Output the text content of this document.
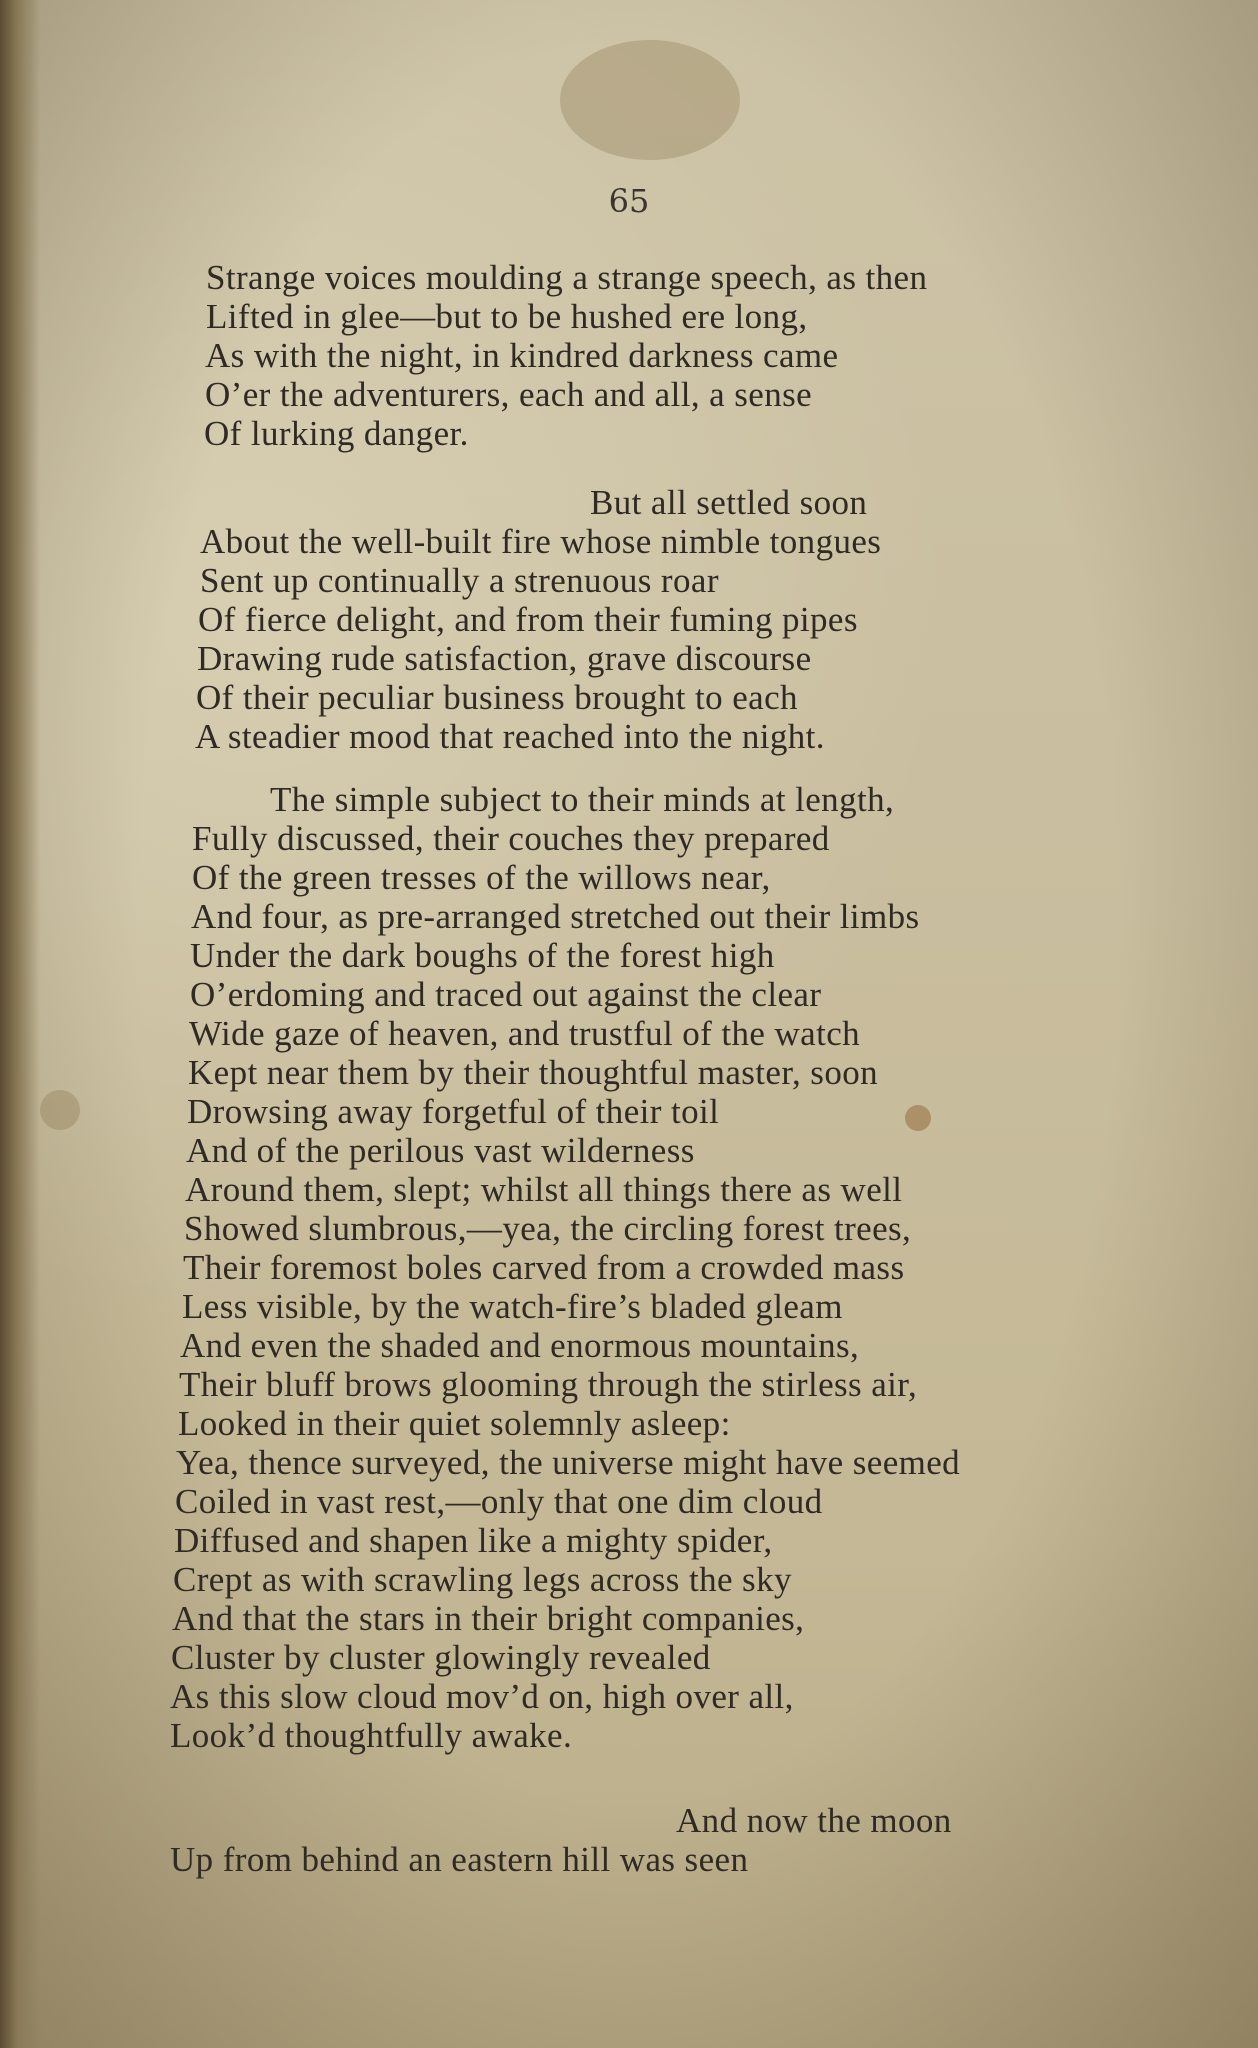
65
Strange voices moulding a strange speech, as then
Lifted in glee—but to be hushed ere long,
As with the night, in kindred darkness came
O’er the adventurers, each and all, a sense
Of lurking danger.
But all settled soon
About the well-built fire whose nimble tongues
Sent up continually a strenuous roar
Of fierce delight, and from their fuming pipes
Drawing rude satisfaction, grave discourse
Of their peculiar business brought to each
A steadier mood that reached into the night.
The simple subject to their minds at length,
Fully discussed, their couches they prepared
Of the green tresses of the willows near,
And four, as pre-arranged stretched out their limbs
Under the dark boughs of the forest high
O’erdoming and traced out against the clear
Wide gaze of heaven, and trustful of the watch
Kept near them by their thoughtful master, soon
Drowsing away forgetful of their toil
And of the perilous vast wilderness
Around them, slept; whilst all things there as well
Showed slumbrous,—yea, the circling forest trees,
Their foremost boles carved from a crowded mass
Less visible, by the watch-fire’s bladed gleam
And even the shaded and enormous mountains,
Their bluff brows glooming through the stirless air,
Looked in their quiet solemnly asleep:
Yea, thence surveyed, the universe might have seemed
Coiled in vast rest,—only that one dim cloud
Diffused and shapen like a mighty spider,
Crept as with scrawling legs across the sky
And that the stars in their bright companies,
Cluster by cluster glowingly revealed
As this slow cloud mov’d on, high over all,
Look’d thoughtfully awake.
And now the moon
Up from behind an eastern hill was seen
